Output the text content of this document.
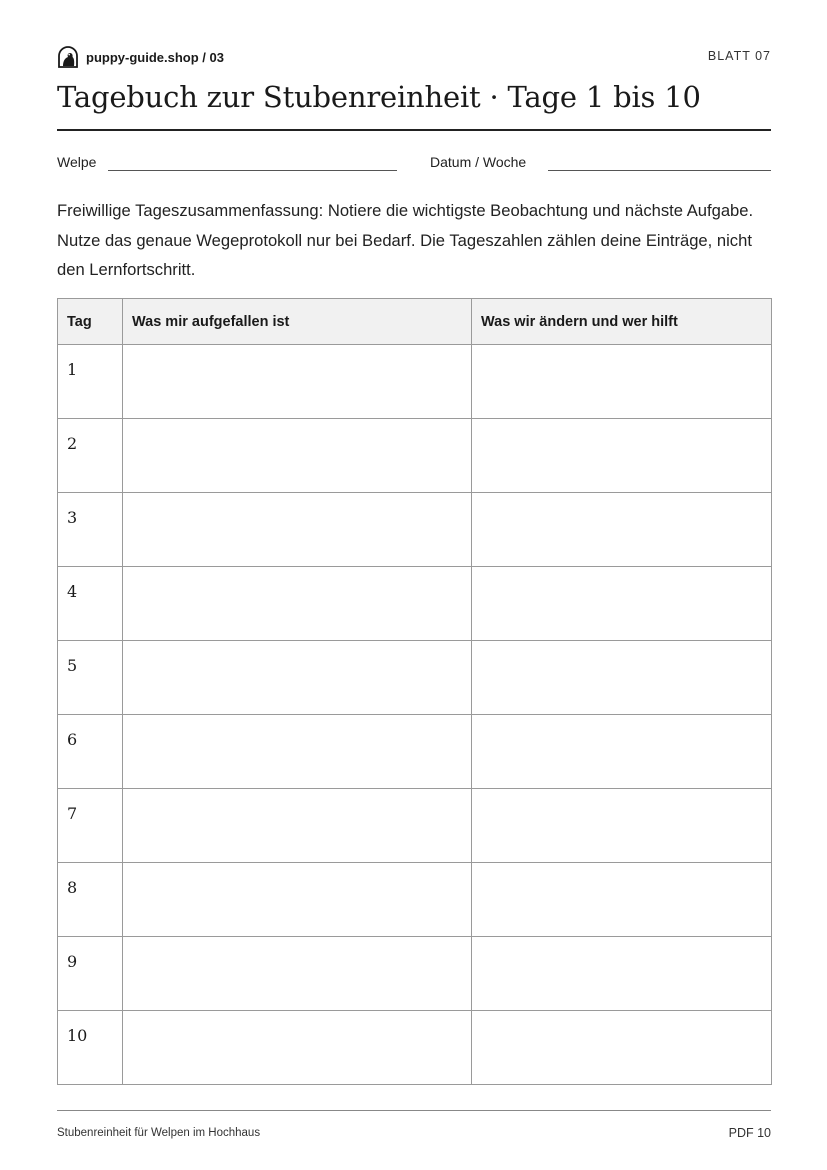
puppy-guide.shop / 03	BLATT 07
Tagebuch zur Stubenreinheit · Tage 1 bis 10
Welpe	Datum / Woche

Freiwillige Tageszusammenfassung: Notiere die wichtigste Beobachtung und nächste Aufgabe. Nutze das genaue Wegeprotokoll nur bei Bedarf. Die Tageszahlen zählen deine Einträge, nicht den Lernfortschritt.

Tag	Was mir aufgefallen ist	Was wir ändern und wer hilft

1		

2		

3		

4		

5		

6		

7		

8		

9		

10		

Stubenreinheit für Welpen im Hochhaus	PDF 10
